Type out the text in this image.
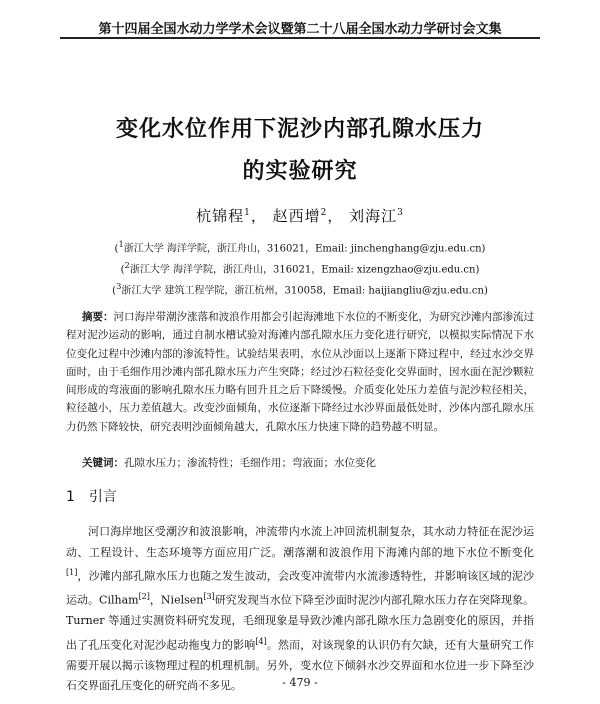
第十四届全国水动力学学术会议暨第二十八届全国水动力学研讨会文集
变化水位作用下泥沙内部孔隙水压力
的实验研究
杭锦程$^1$， 赵西增$^2$， 刘海江$^3$
($^1$浙江大学 海洋学院，浙江舟山，316021，Email: jinchenghang@zju.edu.cn)
($^2$浙江大学 海洋学院，浙江舟山，316021，Email: xizengzhao@zju.edu.cn)
($^3$浙江大学 建筑工程学院，浙江杭州，310058，Email: haijiangliu@zju.edu.cn)
摘要：河口海岸带潮汐涨落和波浪作用都会引起海滩地下水位的不断变化，为研究沙滩内部渗流过程对泥沙运动的影响，通过自制水槽试验对海滩内部孔隙水压力变化进行研究，以模拟实际情况下水位变化过程中沙滩内部的渗流特性。试验结果表明，水位从沙面以上逐渐下降过程中，经过水沙交界面时，由于毛细作用沙滩内部孔隙水压力产生突降；经过沙石粒径变化交界面时，因水面在泥沙颗粒间形成的弯液面的影响孔隙水压力略有回升且之后下降缓慢。介质变化处压力差值与泥沙粒径相关，粒径越小，压力差值越大。改变沙面倾角，水位逐渐下降经过水沙界面最低处时，沙体内部孔隙水压力仍然下降较快，研究表明沙面倾角越大，孔隙水压力快速下降的趋势越不明显。
关键词：孔隙水压力；渗流特性；毛细作用；弯液面；水位变化
1 引言
河口海岸地区受潮汐和波浪影响，冲流带内水流上冲回流机制复杂，其水动力特征在泥沙运动、工程设计、生态环境等方面应用广泛。潮落潮和波浪作用下海滩内部的地下水位不断变化[1]，沙滩内部孔隙水压力也随之发生波动，会改变冲流带内水流渗透特性，并影响该区域的泥沙运动。Cilham[2]，Nielsen[3]研究发现当水位下降至沙面时泥沙内部孔隙水压力存在突降现象。Turner 等通过实测资料研究发现，毛细现象是导致沙滩内部孔隙水压力急剧变化的原因，并指出了孔压变化对泥沙起动拖曳力的影响[4]。然而，对该现象的认识仍有欠缺，还有大量研究工作需要开展以揭示该物理过程的机理机制。另外，变水位下倾斜水沙交界面和水位进一步下降至沙石交界面孔压变化的研究尚不多见。	- 479 -
